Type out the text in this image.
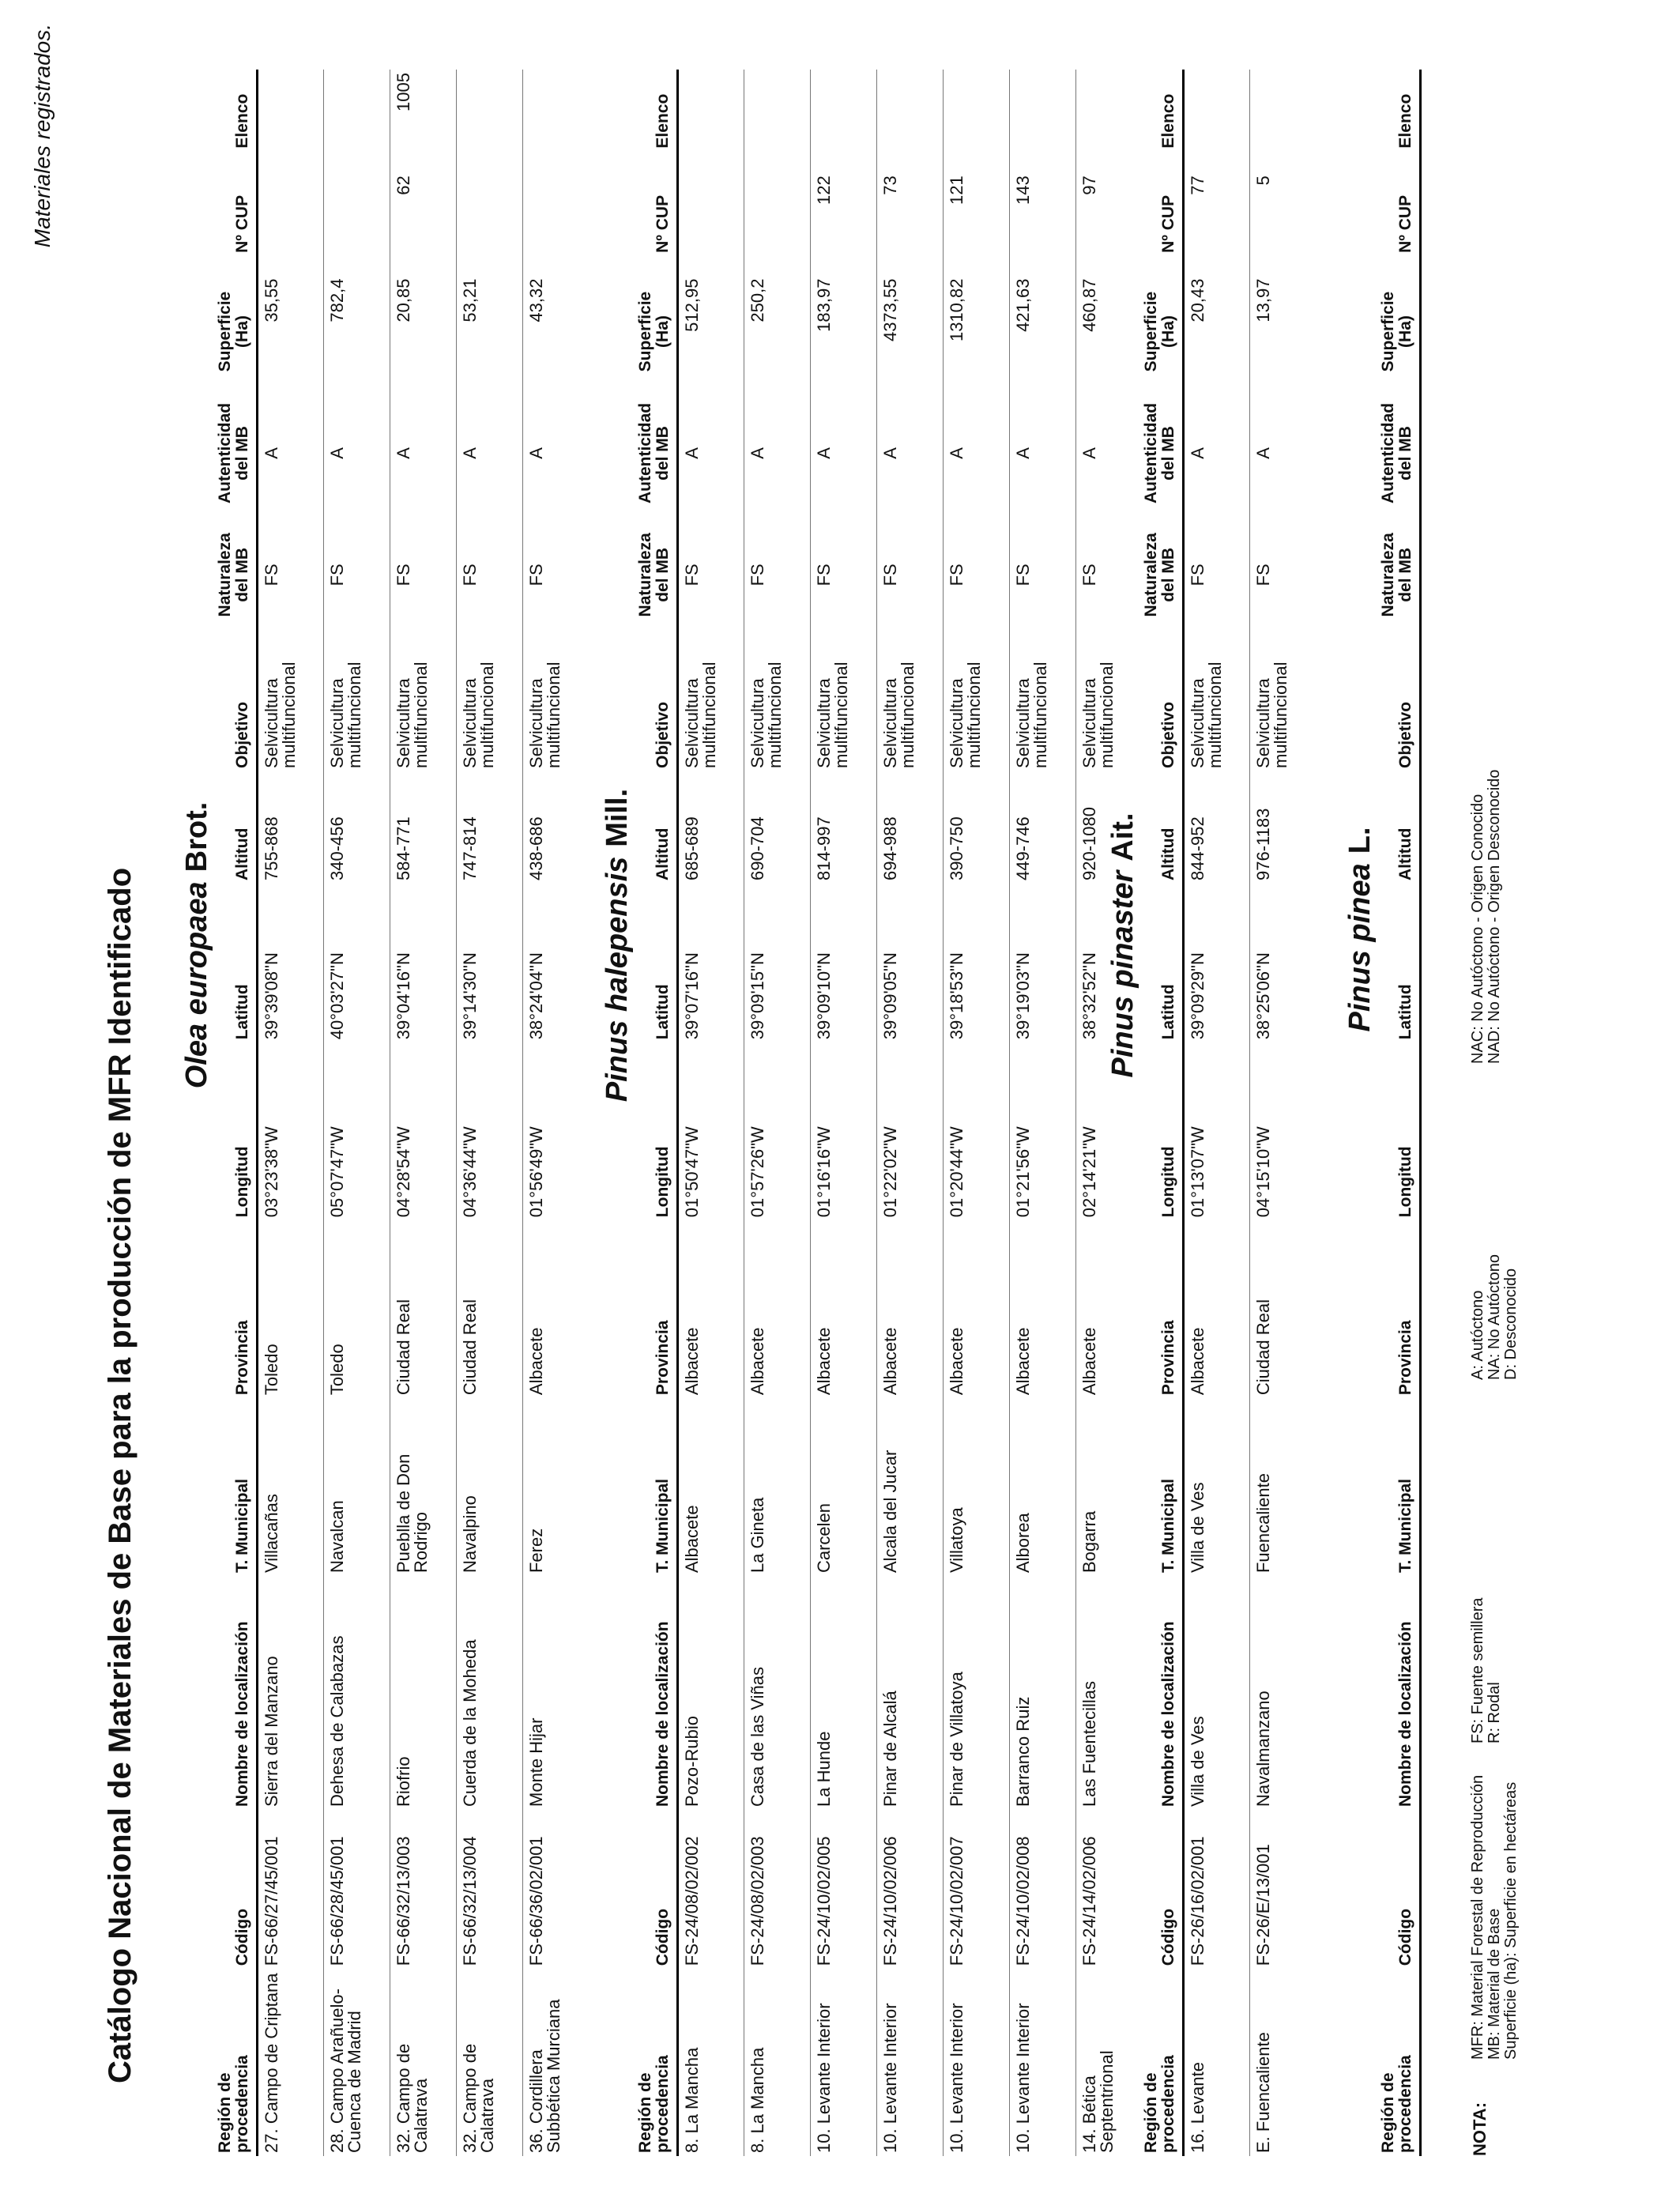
Catálogo Nacional de Materiales de Base para la producción de MFR Identificado
Materiales registrados.
Olea europaeaBrot.
Región de procedencia	Código	Nombre de localización	T. Municipal	Provincia	Longitud	Latitud	Altitud	Objetivo	Naturaleza del MB	Autenticidad del MB	Superficie (Ha)	Nº CUP	Elenco
27. Campo de Criptana	FS-66/27/45/001	Sierra del Manzano	Villacañas	Toledo	03°23'38"W	39°39'08"N	755-868	Selvicultura multifuncional	FS	A	35,55		
28. Campo Arañuelo-Cuenca de Madrid	FS-66/28/45/001	Dehesa de Calabazas	Navalcan	Toledo	05°07'47"W	40°03'27"N	340-456	Selvicultura multifuncional	FS	A	782,4		
32. Campo de Calatrava	FS-66/32/13/003	Riofrio	Pueblla de Don Rodrigo	Ciudad Real	04°28'54"W	39°04'16"N	584-771	Selvicultura multifuncional	FS	A	20,85	62	1005
32. Campo de Calatrava	FS-66/32/13/004	Cuerda de la Moheda	Navalpino	Ciudad Real	04°36'44"W	39°14'30"N	747-814	Selvicultura multifuncional	FS	A	53,21		
36. Cordillera Subbética Murciana	FS-66/36/02/001	Monte Hijar	Ferez	Albacete	01°56'49"W	38°24'04"N	438-686	Selvicultura multifuncional	FS	A	43,32		
Pinus halepensisMill.
Región de procedencia	Código	Nombre de localización	T. Municipal	Provincia	Longitud	Latitud	Altitud	Objetivo	Naturaleza del MB	Autenticidad del MB	Superficie (Ha)	Nº CUP	Elenco
8. La Mancha	FS-24/08/02/002	Pozo-Rubio	Albacete	Albacete	01°50'47"W	39°07'16"N	685-689	Selvicultura multifuncional	FS	A	512,95		
8. La Mancha	FS-24/08/02/003	Casa de las Viñas	La Gineta	Albacete	01°57'26"W	39°09'15"N	690-704	Selvicultura multifuncional	FS	A	250,2		
10. Levante Interior	FS-24/10/02/005	La Hunde	Carcelen	Albacete	01°16'16"W	39°09'10"N	814-997	Selvicultura multifuncional	FS	A	183,97	122	
10. Levante Interior	FS-24/10/02/006	Pinar de Alcalá	Alcala del Jucar	Albacete	01°22'02"W	39°09'05"N	694-988	Selvicultura multifuncional	FS	A	4373,55	73	
10. Levante Interior	FS-24/10/02/007	Pinar de Villatoya	Villatoya	Albacete	01°20'44"W	39°18'53"N	390-750	Selvicultura multifuncional	FS	A	1310,82	121	
10. Levante Interior	FS-24/10/02/008	Barranco Ruiz	Alborea	Albacete	01°21'56"W	39°19'03"N	449-746	Selvicultura multifuncional	FS	A	421,63	143	
14. Bética Septentrional	FS-24/14/02/006	Las Fuentecillas	Bogarra	Albacete	02°14'21"W	38°32'52"N	920-1080	Selvicultura multifuncional	FS	A	460,87	97	
Pinus pinasterAit.
Región de procedencia	Código	Nombre de localización	T. Municipal	Provincia	Longitud	Latitud	Altitud	Objetivo	Naturaleza del MB	Autenticidad del MB	Superficie (Ha)	Nº CUP	Elenco
16. Levante	FS-26/16/02/001	Villa de Ves	Villa de Ves	Albacete	01°13'07"W	39°09'29"N	844-952	Selvicultura multifuncional	FS	A	20,43	77	
E. Fuencaliente	FS-26/E/13/001	Navalmanzano	Fuencaliente	Ciudad Real	04°15'10"W	38°25'06"N	976-1183	Selvicultura multifuncional	FS	A	13,97	5	
Pinus pineaL.
Región de procedencia	Código	Nombre de localización	T. Municipal	Provincia	Longitud	Latitud	Altitud	Objetivo	Naturaleza del MB	Autenticidad del MB	Superficie (Ha)	Nº CUP	Elenco
NOTA:
MFR: Material Forestal de Reproducción
MB: Material de Base
Superficie (ha): Superficie en hectáreas
FS: Fuente semillera
R: Rodal
A: Autóctono
NA: No Autóctono
D: Desconocido
NAC: No Autóctono - Origen Conocido
NAD: No Autóctono - Origen Desconocido
